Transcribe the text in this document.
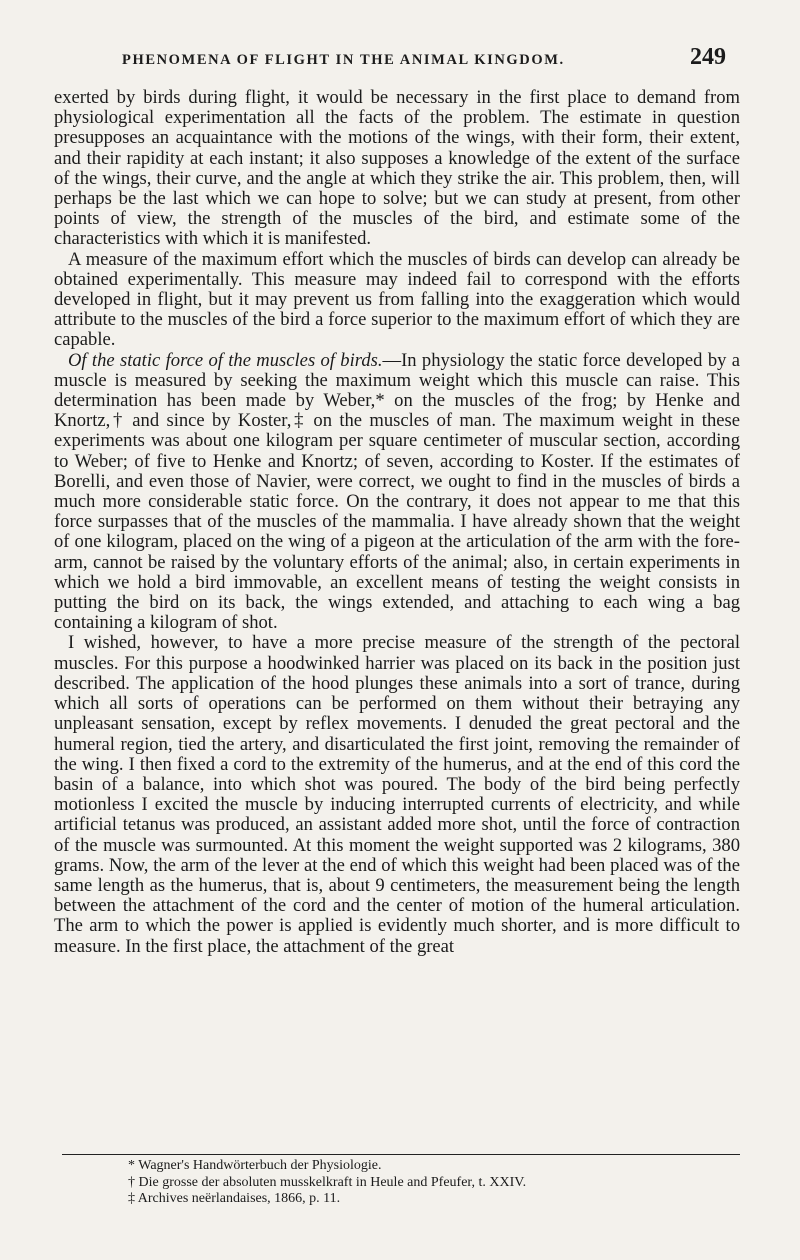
PHENOMENA OF FLIGHT IN THE ANIMAL KINGDOM.	249

exerted by birds during flight, it would be necessary in the first place to demand from physiological experimentation all the facts of the problem. The estimate in question presupposes an acquaintance with the motions of the wings, with their form, their extent, and their rapidity at each instant; it also supposes a knowledge of the extent of the surface of the wings, their curve, and the angle at which they strike the air. This problem, then, will perhaps be the last which we can hope to solve; but we can study at present, from other points of view, the strength of the muscles of the bird, and estimate some of the characteristics with which it is manifested.

A measure of the maximum effort which the muscles of birds can develop can already be obtained experimentally. This measure may indeed fail to correspond with the efforts developed in flight, but it may prevent us from falling into the exaggeration which would attribute to the muscles of the bird a force superior to the maximum effort of which they are capable.

Of the static force of the muscles of birds.—In physiology the static force developed by a muscle is measured by seeking the maximum weight which this muscle can raise. This determination has been made by Weber,* on the muscles of the frog; by Henke and Knortz,† and since by Koster,‡ on the muscles of man. The maximum weight in these experiments was about one kilogram per square centimeter of muscular section, according to Weber; of five to Henke and Knortz; of seven, according to Koster. If the estimates of Borelli, and even those of Navier, were correct, we ought to find in the muscles of birds a much more considerable static force. On the contrary, it does not appear to me that this force surpasses that of the muscles of the mammalia. I have already shown that the weight of one kilogram, placed on the wing of a pigeon at the articulation of the arm with the fore-arm, cannot be raised by the voluntary efforts of the animal; also, in certain experiments in which we hold a bird immovable, an excellent means of testing the weight consists in putting the bird on its back, the wings extended, and attaching to each wing a bag containing a kilogram of shot.

I wished, however, to have a more precise measure of the strength of the pectoral muscles. For this purpose a hoodwinked harrier was placed on its back in the position just described. The application of the hood plunges these animals into a sort of trance, during which all sorts of operations can be performed on them without their betraying any unpleasant sensation, except by reflex movements. I denuded the great pectoral and the humeral region, tied the artery, and disarticulated the first joint, removing the remainder of the wing. I then fixed a cord to the extremity of the humerus, and at the end of this cord the basin of a balance, into which shot was poured. The body of the bird being perfectly motionless I excited the muscle by inducing interrupted currents of electricity, and while artificial tetanus was produced, an assistant added more shot, until the force of contraction of the muscle was surmounted. At this moment the weight supported was 2 kilograms, 380 grams. Now, the arm of the lever at the end of which this weight had been placed was of the same length as the humerus, that is, about 9 centimeters, the measurement being the length between the attachment of the cord and the center of motion of the humeral articulation. The arm to which the power is applied is evidently much shorter, and is more difficult to measure. In the first place, the attachment of the great

* Wagner's Handwörterbuch der Physiologie.
† Die grosse der absoluten musskelkraft in Heule and Pfeufer, t. XXIV.
‡ Archives neërlandaises, 1866, p. 11.
